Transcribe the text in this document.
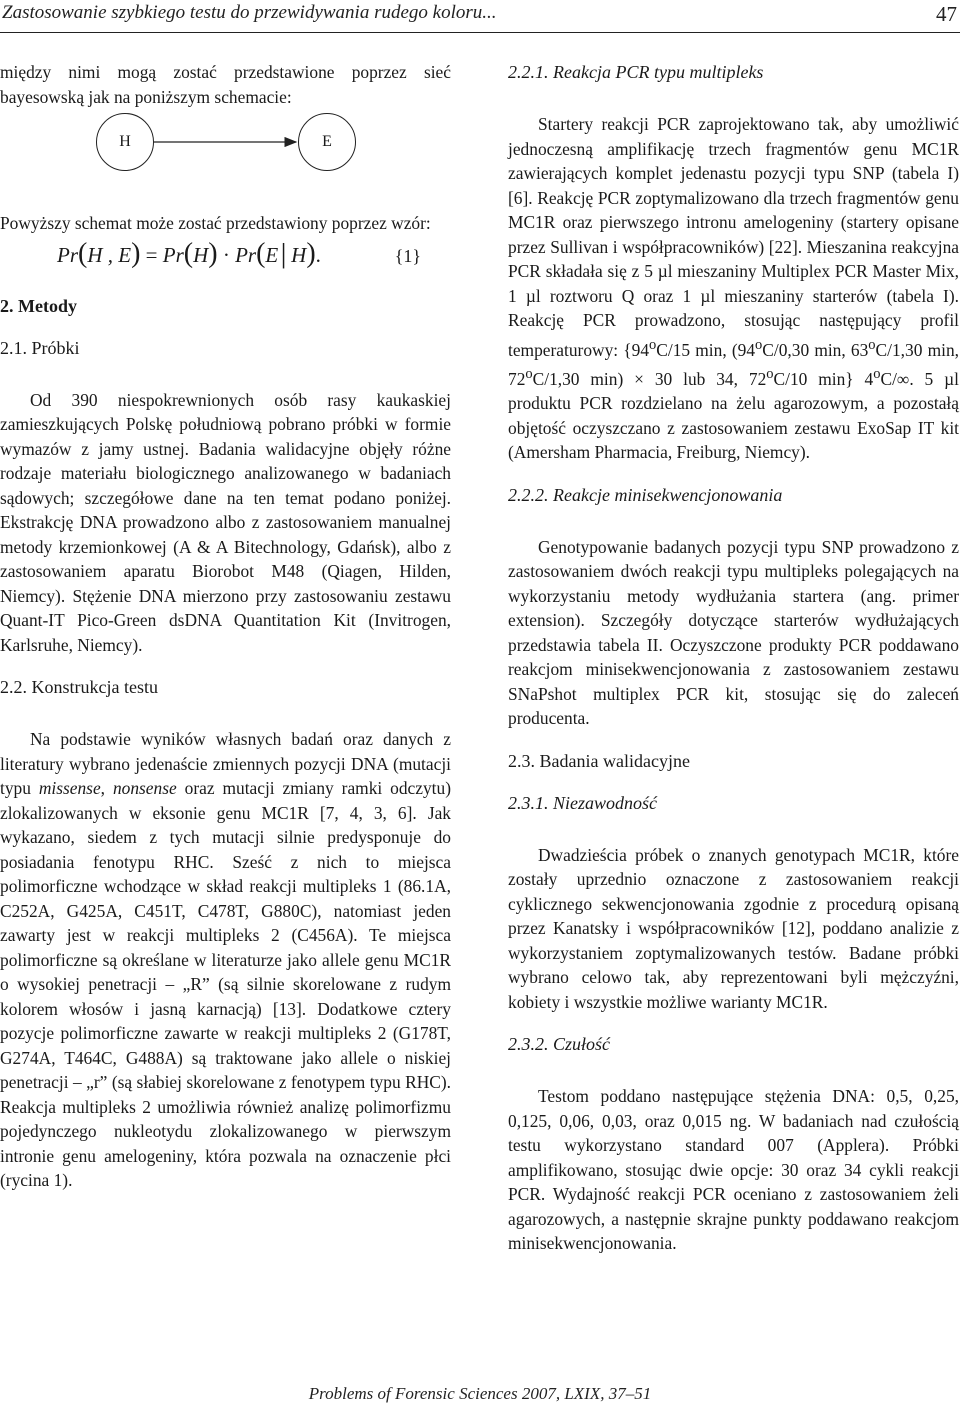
Zastosowanie szybkiego testu do przewidywania rudego koloru...	47

między nimi mogą zostać przedstawione poprzez sieć bayesowską jak na poniższym schemacie:

H	E

Powyższy schemat może zostać przedstawiony poprzez wzór:

Pr(H , E) = Pr(H) · Pr(E│H).	{1}
2. Metody
2.1. Próbki

Od 390 niespokrewnionych osób rasy kaukaskiej zamieszkujących Polskę południową pobrano próbki w formie wymazów z jamy ustnej. Badania walidacyjne objęły różne rodzaje materiału biologicznego analizowanego w badaniach sądowych; szczegółowe dane na ten temat podano poniżej. Ekstrakcję DNA prowadzono albo z zastosowaniem manualnej metody krzemionkowej (A & A Bitechnology, Gdańsk), albo z zastosowaniem aparatu Biorobot M48 (Qiagen, Hilden, Niemcy). Stężenie DNA mierzono przy zastosowaniu zestawu Quant-IT Pico-Green dsDNA Quantitation Kit (Invitrogen, Karlsruhe, Niemcy).

2.2. Konstrukcja testu

Na podstawie wyników własnych badań oraz danych z literatury wybrano jedenaście zmiennych pozycji DNA (mutacji typu missense, nonsense oraz mutacji zmiany ramki odczytu) zlokalizowanych w eksonie genu MC1R [7, 4, 3, 6]. Jak wykazano, siedem z tych mutacji silnie predysponuje do posiadania fenotypu RHC. Sześć z nich to miejsca polimorficzne wchodzące w skład reakcji multipleks 1 (86.1A, C252A, G425A, C451T, C478T, G880C), natomiast jeden zawarty jest w reakcji multipleks 2 (C456A). Te miejsca polimorficzne są określane w literaturze jako allele genu MC1R o wysokiej penetracji – „R” (są silnie skorelowane z rudym kolorem włosów i jasną karnacją) [13]. Dodatkowe cztery pozycje polimorficzne zawarte w reakcji multipleks 2 (G178T, G274A, T464C, G488A) są traktowane jako allele o niskiej penetracji – „r” (są słabiej skorelowane z fenotypem typu RHC). Reakcja multipleks 2 umożliwia również analizę polimorfizmu pojedynczego nukleotydu zlokalizowanego w pierwszym intronie genu amelogeniny, która pozwala na oznaczenie płci (rycina 1).

2.2.1. Reakcja PCR typu multipleks

Startery reakcji PCR zaprojektowano tak, aby umożliwić jednoczesną amplifikację trzech fragmentów genu MC1R zawierających komplet jedenastu pozycji typu SNP (tabela I) [6]. Reakcję PCR zoptymalizowano dla trzech fragmentów genu MC1R oraz pierwszego intronu amelogeniny (startery opisane przez Sullivan i współpracowników) [22]. Mieszanina reakcyjna PCR składała się z 5 µl mieszaniny Multiplex PCR Master Mix, 1 µl roztworu Q oraz 1 µl mieszaniny starterów (tabela I). Reakcję PCR prowadzono, stosując następujący profil temperaturowy: {94$^o$C/15 min, (94$^o$C/0,30 min, 63$^o$C/1,30 min, 72$^o$C/1,30 min) × 30 lub 34, 72$^o$C/10 min} 4$^o$C/∞. 5 µl produktu PCR rozdzielano na żelu agarozowym, a pozostałą objętość oczyszczano z zastosowaniem zestawu ExoSap IT kit (Amersham Pharmacia, Freiburg, Niemcy).

2.2.2. Reakcje minisekwencjonowania

Genotypowanie badanych pozycji typu SNP prowadzono z zastosowaniem dwóch reakcji typu multipleks polegających na wykorzystaniu metody wydłużania startera (ang. primer extension). Szczegóły dotyczące starterów wydłużających przedstawia tabela II. Oczyszczone produkty PCR poddawano reakcjom minisekwencjonowania z zastosowaniem zestawu SNaPshot multiplex PCR kit, stosując się do zaleceń producenta.

2.3. Badania walidacyjne
2.3.1. Niezawodność

Dwadzieścia próbek o znanych genotypach MC1R, które zostały uprzednio oznaczone z zastosowaniem reakcji cyklicznego sekwencjonowania zgodnie z procedurą opisaną przez Kanatsky i współpracowników [12], poddano analizie z wykorzystaniem zoptymalizowanych testów. Badane próbki wybrano celowo tak, aby reprezentowani byli mężczyźni, kobiety i wszystkie możliwe warianty MC1R.

2.3.2. Czułość

Testom poddano następujące stężenia DNA: 0,5, 0,25, 0,125, 0,06, 0,03, oraz 0,015 ng. W badaniach nad czułością testu wykorzystano standard 007 (Applera). Próbki amplifikowano, stosując dwie opcje: 30 oraz 34 cykli reakcji PCR. Wydajność reakcji PCR oceniano z zastosowaniem żeli agarozowych, a następnie skrajne punkty poddawano reakcjom minisekwencjonowania.

Problems of Forensic Sciences 2007, LXIX, 37–51
